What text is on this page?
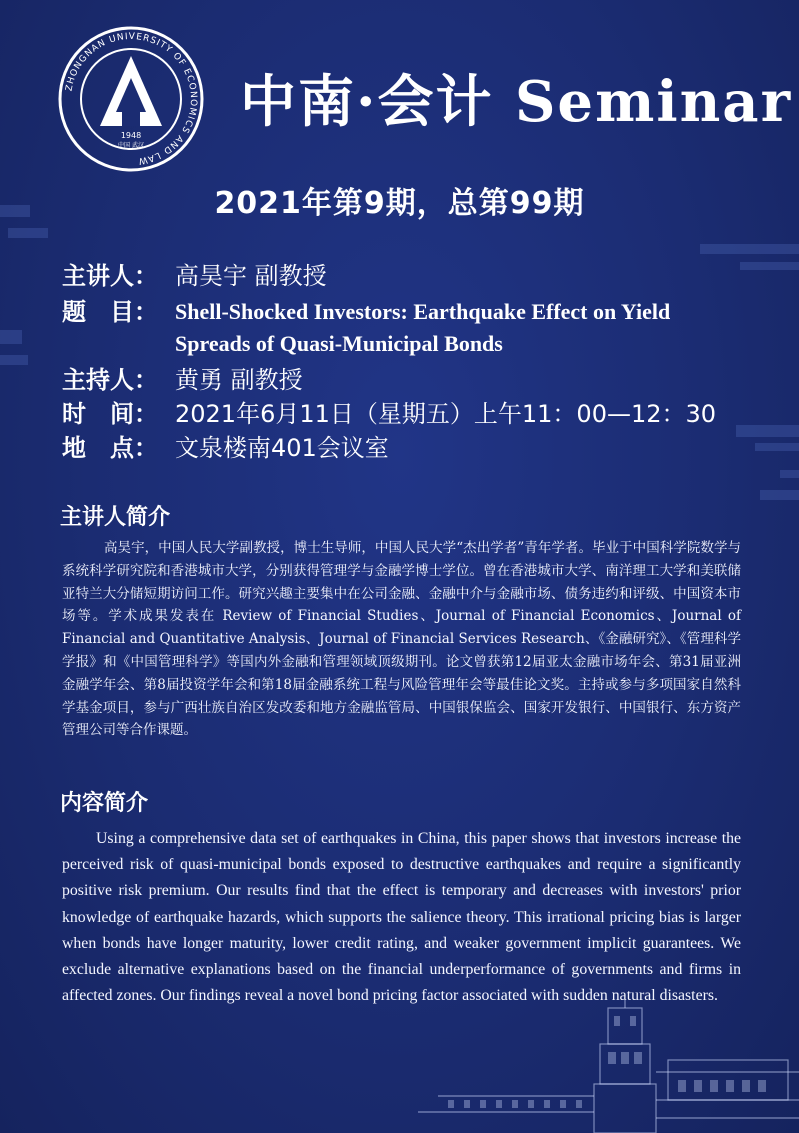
ZHONGNAN UNIVERSITY OF ECONOMICS AND LAW
1948
中国 武汉
中南·会计 Seminar
2021年第9期，总第99期
主讲人： 高昊宇 副教授
题　目： Shell-Shocked Investors: Earthquake Effect on Yield Spreads of Quasi-Municipal Bonds
主持人： 黄勇 副教授
时　间： 2021年6月11日（星期五）上午11：00—12：30
地　点： 文泉楼南401会议室
主讲人简介
高昊宇，中国人民大学副教授，博士生导师，中国人民大学“杰出学者”青年学者。毕业于中国科学院数学与系统科学研究院和香港城市大学，分别获得管理学与金融学博士学位。曾在香港城市大学、南洋理工大学和美联储亚特兰大分储短期访问工作。研究兴趣主要集中在公司金融、金融中介与金融市场、债务违约和评级、中国资本市场等。学术成果发表在 Review of Financial Studies、Journal of Financial Economics、Journal of Financial and Quantitative Analysis、Journal of Financial Services Research、《金融研究》、《管理科学学报》和《中国管理科学》等国内外金融和管理领域顶级期刊。论文曾获第12届亚太金融市场年会、第31届亚洲金融学年会、第8届投资学年会和第18届金融系统工程与风险管理年会等最佳论文奖。主持或参与多项国家自然科学基金项目，参与广西壮族自治区发改委和地方金融监管局、中国银保监会、国家开发银行、中国银行、东方资产管理公司等合作课题。
内容简介
Using a comprehensive data set of earthquakes in China, this paper shows that investors increase the perceived risk of quasi-municipal bonds exposed to destructive earthquakes and require a significantly positive risk premium. Our results find that the effect is temporary and decreases with investors' prior knowledge of earthquake hazards, which supports the salience theory. This irrational pricing bias is larger when bonds have longer maturity, lower credit rating, and weaker government implicit guarantees. We exclude alternative explanations based on the financial underperformance of governments and firms in affected zones. Our findings reveal a novel bond pricing factor associated with sudden natural disasters.
